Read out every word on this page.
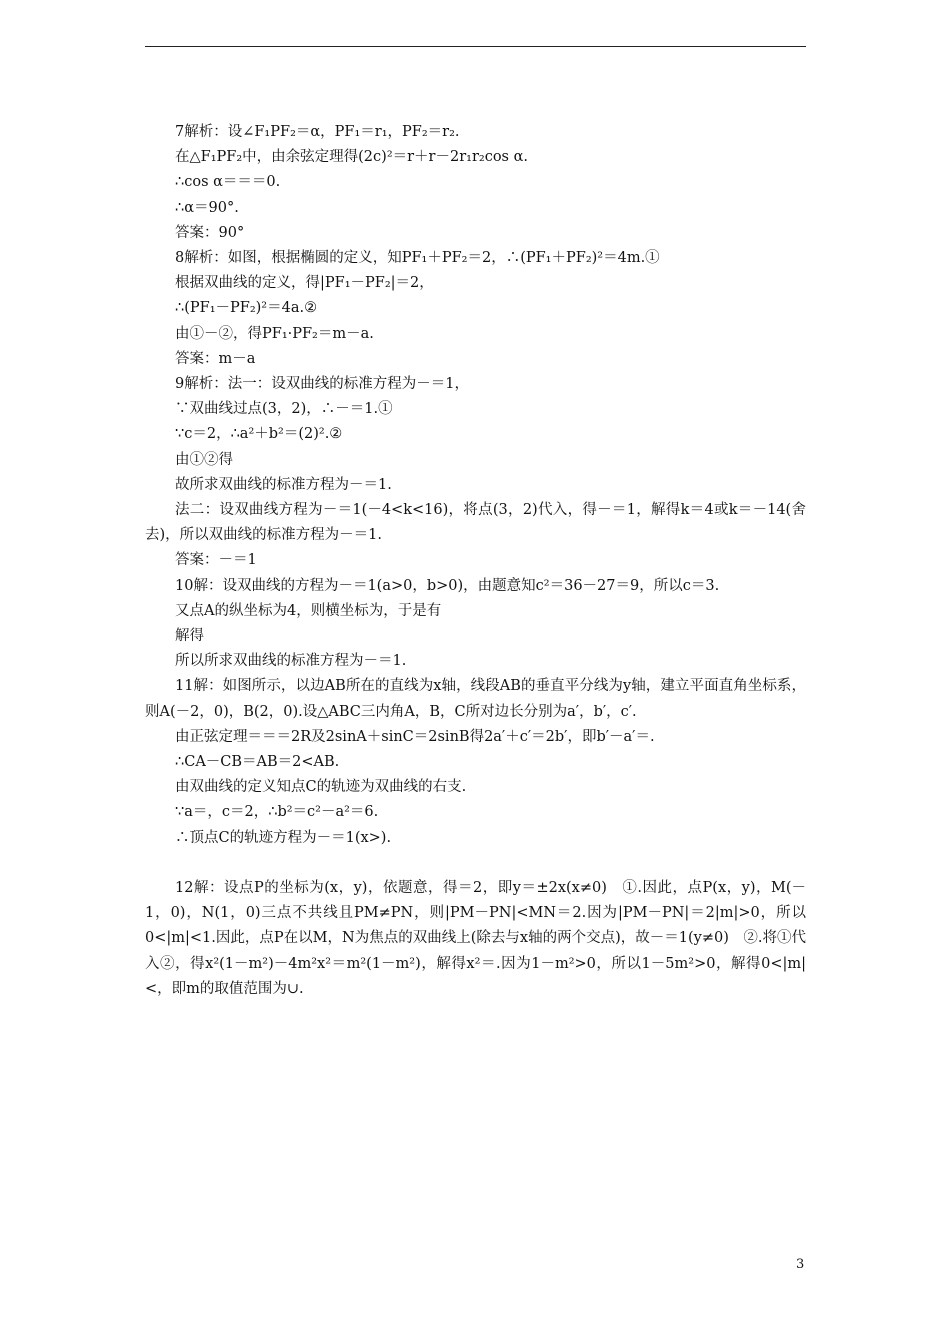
7解析：设∠F₁PF₂＝α，PF₁＝r₁，PF₂＝r₂.
在△F₁PF₂中，由余弦定理得(2c)²＝r＋r－2r₁r₂cos α.
∴cos α＝＝＝0.
∴α＝90°.
答案：90°
8解析：如图，根据椭圆的定义，知PF₁＋PF₂＝2，∴(PF₁＋PF₂)²＝4m.①
根据双曲线的定义，得|PF₁－PF₂|＝2，
∴(PF₁－PF₂)²＝4a.②
由①－②，得PF₁·PF₂＝m－a.
答案：m－a
9解析：法一：设双曲线的标准方程为－＝1，
∵双曲线过点(3，2)，∴－＝1.①
∵c＝2，∴a²＋b²＝(2)².②
由①②得
故所求双曲线的标准方程为－＝1.
法二：设双曲线方程为－＝1(－4<k<16)，将点(3，2)代入，得－＝1，解得k＝4或k＝－14(舍去)，所以双曲线的标准方程为－＝1.
答案：－＝1
10解：设双曲线的方程为－＝1(a>0，b>0)，由题意知c²＝36－27＝9，所以c＝3.
又点A的纵坐标为4，则横坐标为，于是有
解得
所以所求双曲线的标准方程为－＝1.
11解：如图所示，以边AB所在的直线为x轴，线段AB的垂直平分线为y轴，建立平面直角坐标系，则A(－2，0)，B(2，0).设△ABC三内角A，B，C所对边长分别为a′，b′，c′.
由正弦定理＝＝＝2R及2sinA＋sinC＝2sinB得2a′＋c′＝2b′，即b′－a′＝.
∴CA－CB＝AB＝2<AB.
由双曲线的定义知点C的轨迹为双曲线的右支.
∵a＝，c＝2，∴b²＝c²－a²＝6.
∴顶点C的轨迹方程为－＝1(x>).
12解：设点P的坐标为(x，y)，依题意，得＝2，即y＝±2x(x≠0)　①.因此，点P(x，y)，M(－1，0)，N(1，0)三点不共线且PM≠PN，则|PM－PN|<MN＝2.因为|PM－PN|＝2|m|>0，所以0<|m|<1.因此，点P在以M，N为焦点的双曲线上(除去与x轴的两个交点)，故－＝1(y≠0)　②.将①代入②，得x²(1－m²)－4m²x²＝m²(1－m²)，解得x²＝.因为1－m²>0，所以1－5m²>0，解得0<|m|<，即m的取值范围为∪.
3
